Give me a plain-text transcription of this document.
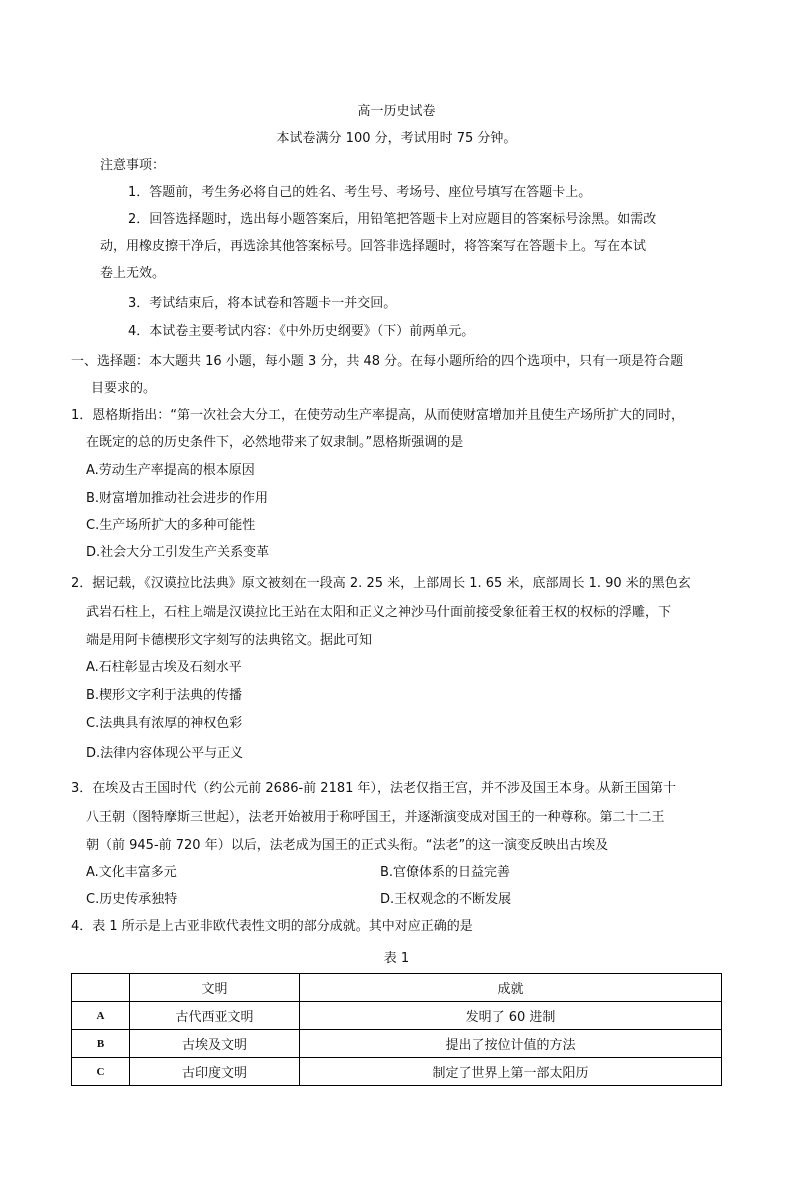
高一历史试卷
本试卷满分 100 分，考试用时 75 分钟。
注意事项：
1．答题前，考生务必将自己的姓名、考生号、考场号、座位号填写在答题卡上。
2．回答选择题时，选出每小题答案后，用铅笔把答题卡上对应题目的答案标号涂黑。如需改
动，用橡皮擦干净后，再选涂其他答案标号。回答非选择题时，将答案写在答题卡上。写在本试
卷上无效。
3．考试结束后，将本试卷和答题卡一并交回。
4．本试卷主要考试内容：《中外历史纲要》（下）前两单元。
一、选择题：本大题共 16 小题，每小题 3 分，共 48 分。在每小题所给的四个选项中，只有一项是符合题
目要求的。
1．恩格斯指出：“第一次社会大分工，在使劳动生产率提高，从而使财富增加并且使生产场所扩大的同时，
在既定的总的历史条件下，必然地带来了奴隶制。”恩格斯强调的是
A.劳动生产率提高的根本原因
B.财富增加推动社会进步的作用
C.生产场所扩大的多种可能性
D.社会大分工引发生产关系变革
2．据记载，《汉谟拉比法典》原文被刻在一段高 2. 25 米，上部周长 1. 65 米，底部周长 1. 90 米的黑色玄
武岩石柱上，石柱上端是汉谟拉比王站在太阳和正义之神沙马什面前接受象征着王权的权标的浮雕，下
端是用阿卡德楔形文字刻写的法典铭文。据此可知
A.石柱彰显古埃及石刻水平
B.楔形文字利于法典的传播
C.法典具有浓厚的神权色彩
D.法律内容体现公平与正义
3．在埃及古王国时代（约公元前 2686-前 2181 年），法老仅指王宫，并不涉及国王本身。从新王国第十
八王朝（图特摩斯三世起），法老开始被用于称呼国王，并逐渐演变成对国王的一种尊称。第二十二王
朝（前 945-前 720 年）以后，法老成为国王的正式头衔。“法老”的这一演变反映出古埃及
A.文化丰富多元	B.官僚体系的日益完善
C.历史传承独特	D.王权观念的不断发展
4．表 1 所示是上古亚非欧代表性文明的部分成就。其中对应正确的是
表 1
	文明	成就
A	古代西亚文明	发明了 60 进制
B	古埃及文明	提出了按位计值的方法
C	古印度文明	制定了世界上第一部太阳历
